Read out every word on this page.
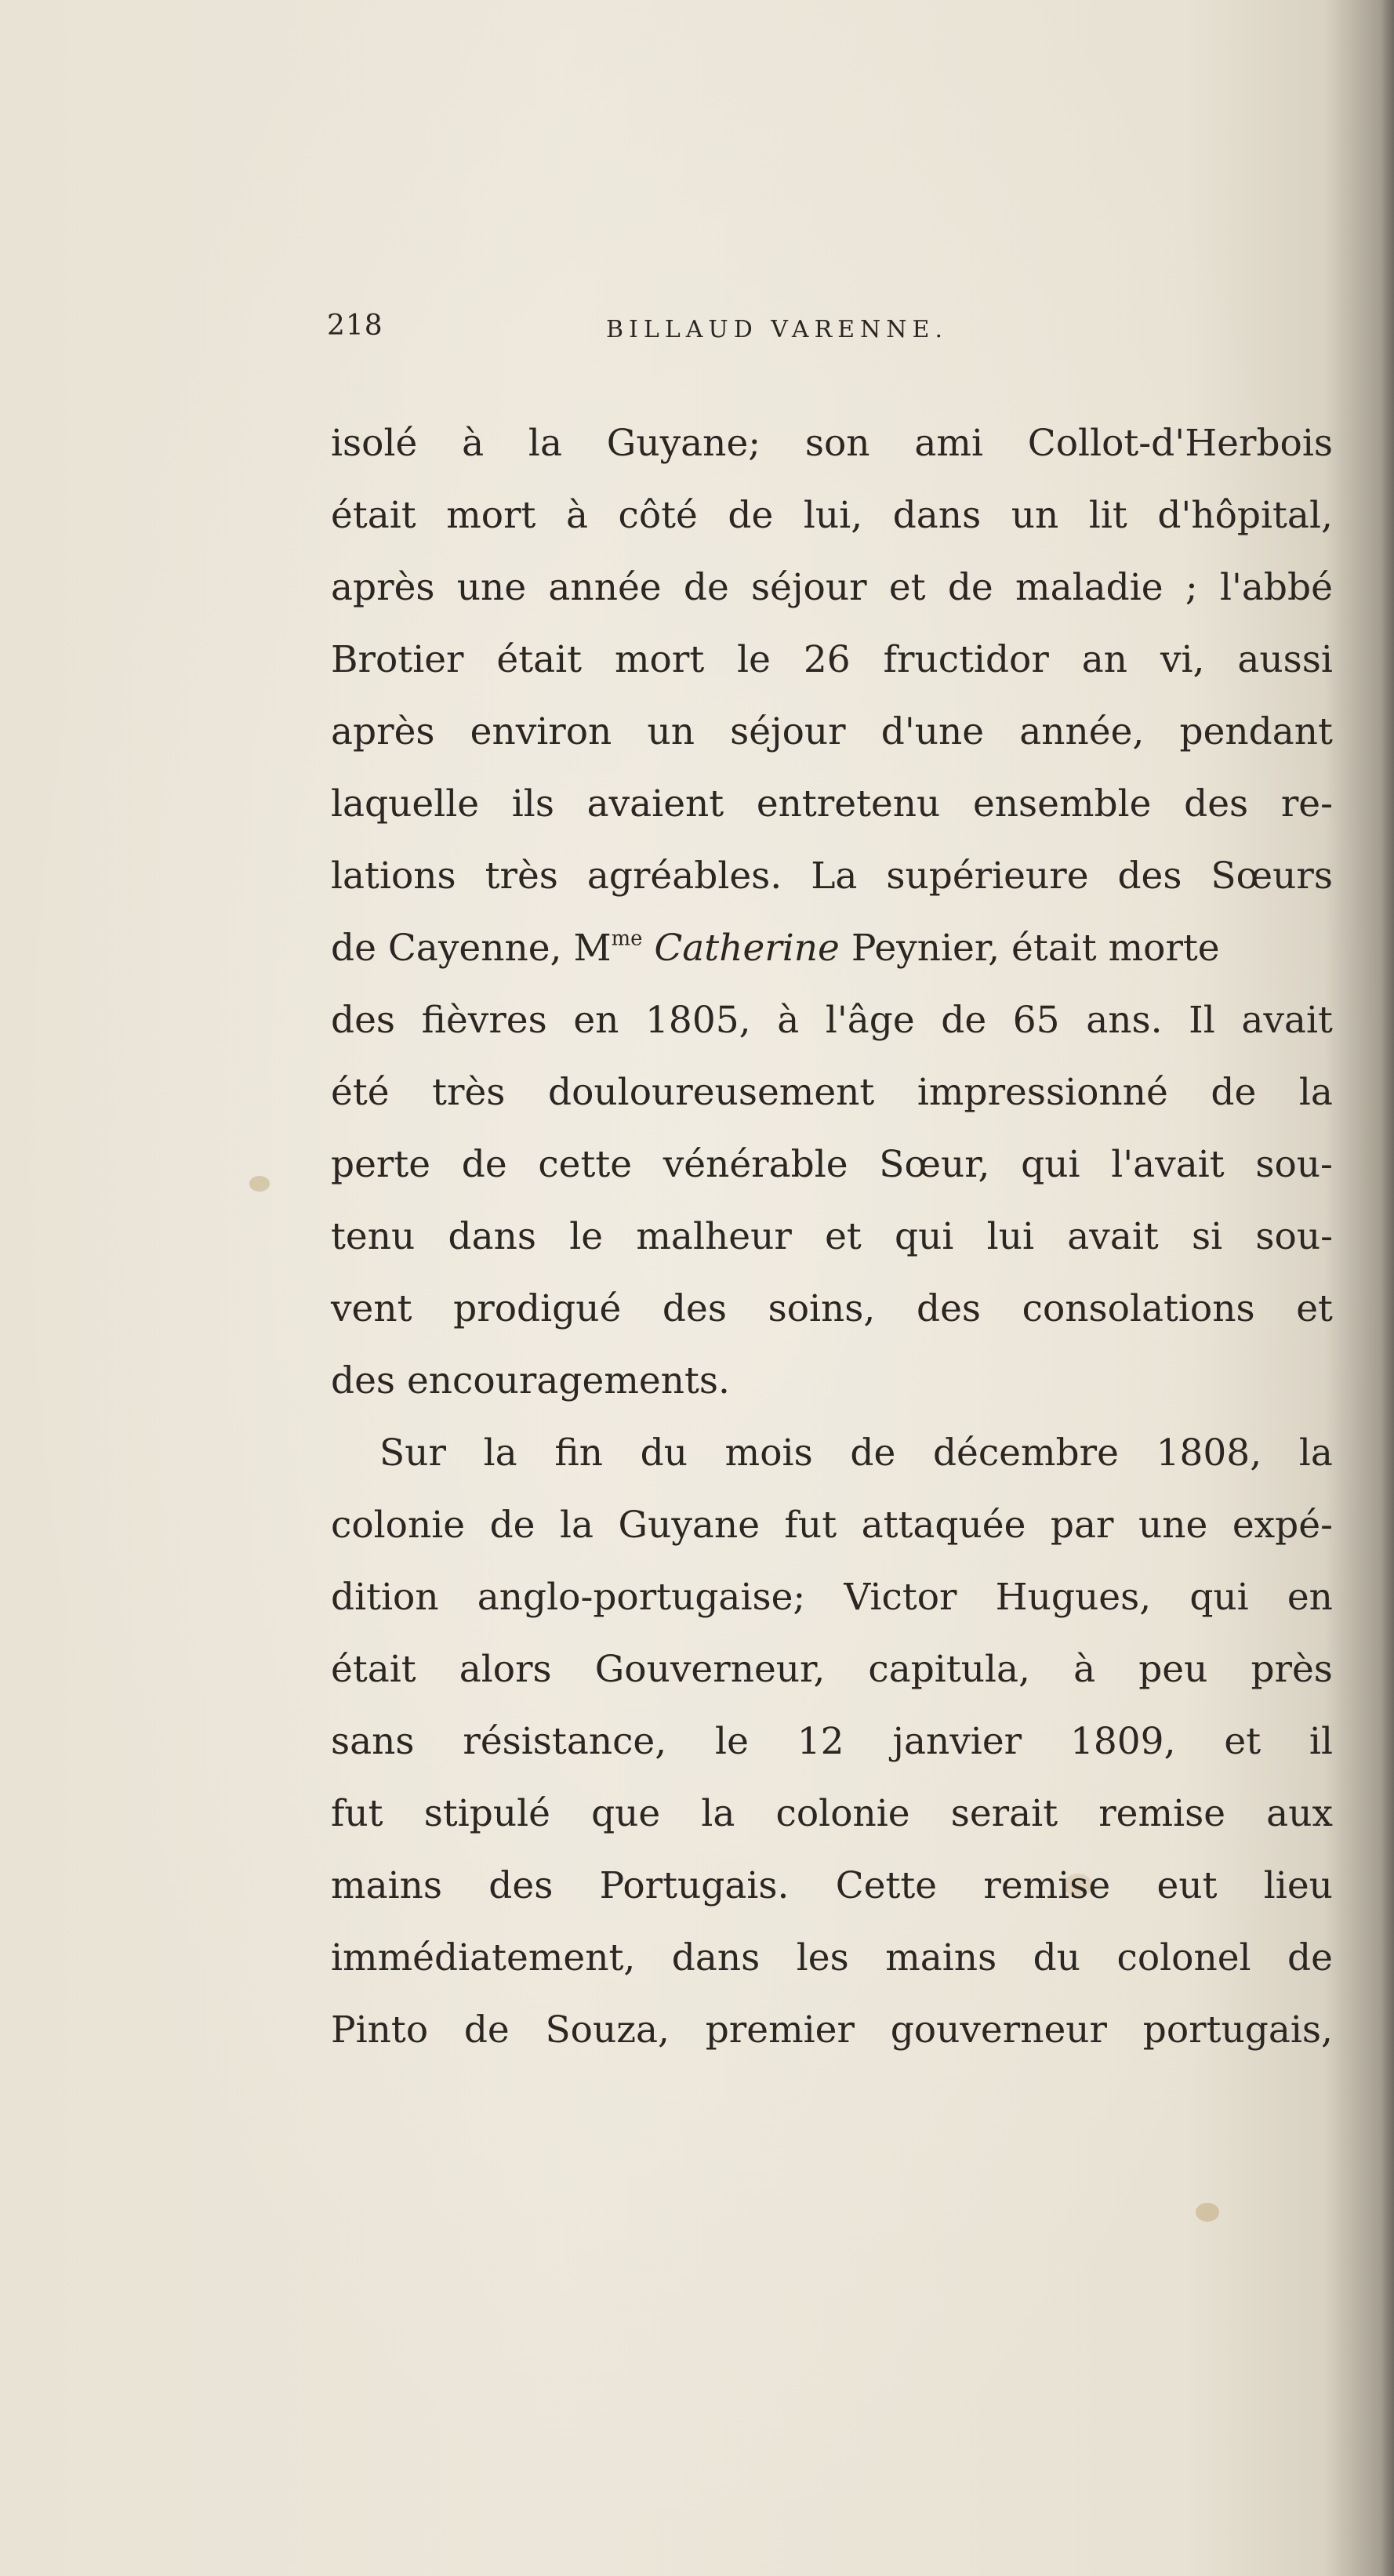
218	BILLAUD VARENNE.
isolé à la Guyane; son ami Collot-d'Herbois
était mort à côté de lui, dans un lit d'hôpital,
après une année de séjour et de maladie ; l'abbé
Brotier était mort le 26 fructidor an vi, aussi
après environ un séjour d'une année, pendant
laquelle ils avaient entretenu ensemble des re-
lations très agréables. La supérieure des Sœurs
de Cayenne, $M^{me}$ Catherine Peynier, était morte
des fièvres en 1805, à l'âge de 65 ans. Il avait
été très douloureusement impressionné de la
perte de cette vénérable Sœur, qui l'avait sou-
tenu dans le malheur et qui lui avait si sou-
vent prodigué des soins, des consolations et
des encouragements.
Sur la fin du mois de décembre 1808, la
colonie de la Guyane fut attaquée par une expé-
dition anglo-portugaise; Victor Hugues, qui en
était alors Gouverneur, capitula, à peu près
sans résistance, le 12 janvier 1809, et il
fut stipulé que la colonie serait remise aux
mains des Portugais. Cette remise eut lieu
immédiatement, dans les mains du colonel de
Pinto de Souza, premier gouverneur portugais,
